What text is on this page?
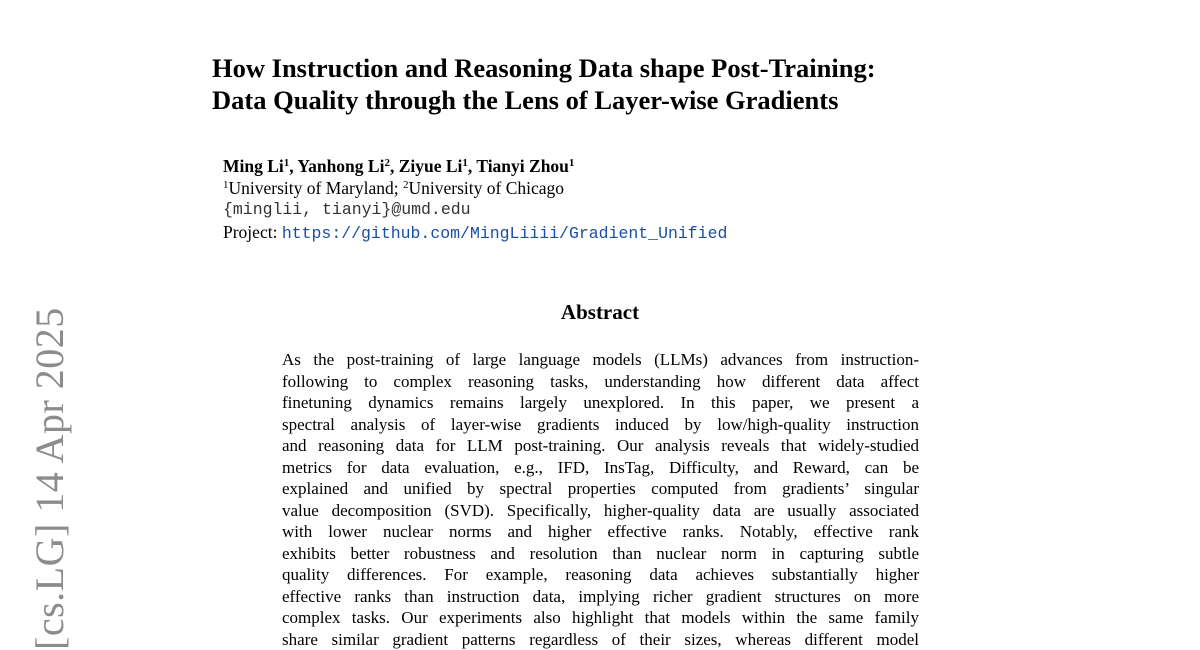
[cs.LG] 14 Apr 2025
How Instruction and Reasoning Data shape Post-Training:
Data Quality through the Lens of Layer-wise Gradients
Ming Li$^1$, Yanhong Li$^2$, Ziyue Li$^1$, Tianyi Zhou$^1$
$^1$University of Maryland; $^2$University of Chicago
{minglii, tianyi}@umd.edu
Project: https://github.com/MingLiiii/Gradient_Unified
Abstract
As the post-training of large language models (LLMs) advances from instruction-
following to complex reasoning tasks, understanding how different data affect
finetuning dynamics remains largely unexplored. In this paper, we present a
spectral analysis of layer-wise gradients induced by low/high-quality instruction
and reasoning data for LLM post-training. Our analysis reveals that widely-studied
metrics for data evaluation, e.g., IFD, InsTag, Difficulty, and Reward, can be
explained and unified by spectral properties computed from gradients’ singular
value decomposition (SVD). Specifically, higher-quality data are usually associated
with lower nuclear norms and higher effective ranks. Notably, effective rank
exhibits better robustness and resolution than nuclear norm in capturing subtle
quality differences. For example, reasoning data achieves substantially higher
effective ranks than instruction data, implying richer gradient structures on more
complex tasks. Our experiments also highlight that models within the same family
share similar gradient patterns regardless of their sizes, whereas different model
